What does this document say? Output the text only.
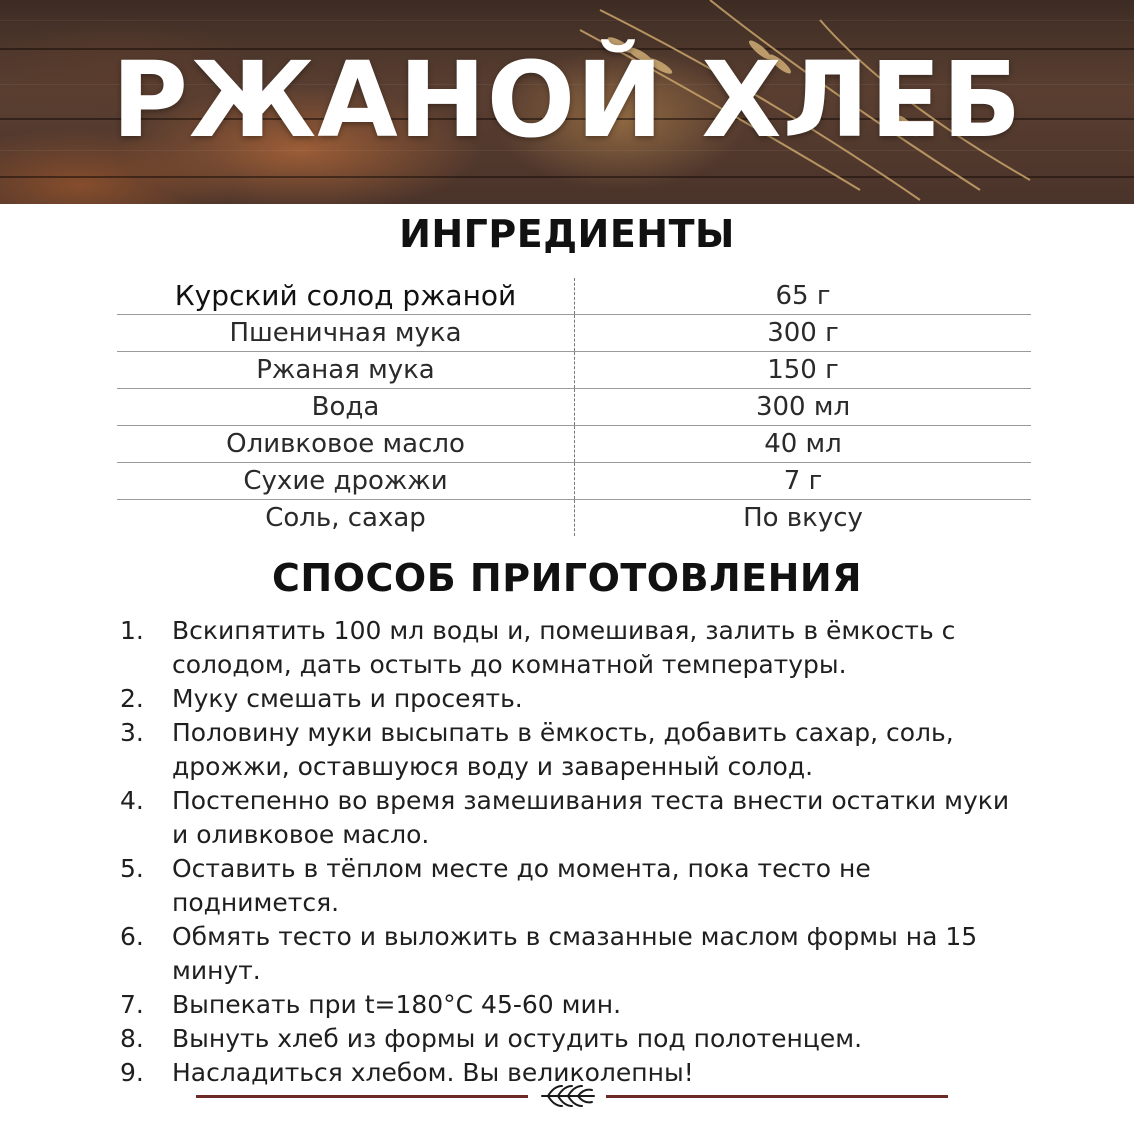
РЖАНОЙ ХЛЕБ
ИНГРЕДИЕНТЫ
Курский солод ржаной	65 г
Пшеничная мука	300 г
Ржаная мука	150 г
Вода	300 мл
Оливковое масло	40 мл
Сухие дрожжи	7 г
Соль, сахар	По вкусу
СПОСОБ ПРИГОТОВЛЕНИЯ
1.	Вскипятить 100 мл воды и, помешивая, залить в ёмкость с солодом, дать остыть до комнатной температуры.
2.	Муку смешать и просеять.
3.	Половину муки высыпать в ёмкость, добавить сахар, соль, дрожжи, оставшуюся воду и заваренный солод.
4.	Постепенно во время замешивания теста внести остатки муки и оливковое масло.
5.	Оставить в тёплом месте до момента, пока тесто не поднимется.
6.	Обмять тесто и выложить в смазанные маслом формы на 15 минут.
7.	Выпекать при t=180°C 45-60 мин.
8.	Вынуть хлеб из формы и остудить под полотенцем.
9.	Насладиться хлебом. Вы великолепны!
